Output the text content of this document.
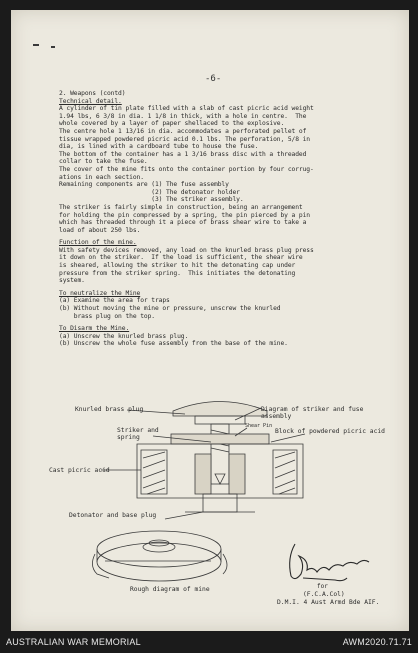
-6-
2. Weapons (contd)
Technical detail.
A cylinder of tin plate filled with a slab of cast picric acid weight
1.94 lbs, 6 3/8 in dia. 1 1/8 in thick, with a hole in centre.  The
whole covered by a layer of paper shellaced to the explosive.
The centre hole 1 13/16 in dia. accommodates a perforated pellet of
tissue wrapped powdered picric acid 0.1 lbs. The perforation, 5/8 in
dia, is lined with a cardboard tube to house the fuse.
The bottom of the container has a 1 3/16 brass disc with a threaded
collar to take the fuse.
The cover of the mine fits onto the container portion by four corrug-
ations in each section.
Remaining components are (1) The fuse assembly
(2) The detonator holder
(3) The striker assembly.
The striker is fairly simple in construction, being an arrangement
for holding the pin compressed by a spring, the pin pierced by a pin
which has threaded through it a piece of brass shear wire to take a
load of about 250 lbs.
Function of the mine.
With safety devices removed, any load on the knurled brass plug press
it down on the striker.  If the load is sufficient, the shear wire
is sheared, allowing the striker to hit the detonating cap under
pressure from the striker spring.  This initiates the detonating
system.
To neutralize the Mine
(a) Examine the area for traps
(b) Without moving the mine or pressure, unscrew the knurled
brass plug on the top.
To Disarm the Mine.
(a) Unscrew the knurled brass plug.
(b) Unscrew the whole fuse assembly from the base of the mine.
Knurled brass plug	Diagram of striker and fuse
assembly
Striker and
spring
Shear Pin
Block of powdered picric acid
Cast picric acid
Detonator and base plug
Rough diagram of mine	for
(F.C.A.Col)
D.M.I. 4 Aust Armd Bde AIF.
AUSTRALIAN WAR MEMORIAL	AWM2020.71.71
